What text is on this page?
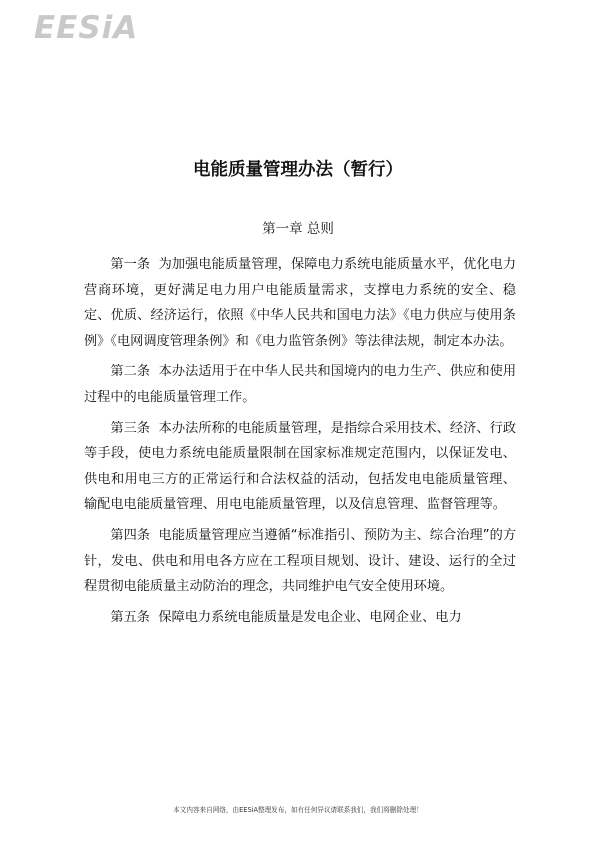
EESiA
电能质量管理办法（暂行）
第一章 总则

第一条 为加强电能质量管理，保障电力系统电能质量水平，优化电力营商环境，更好满足电力用户电能质量需求，支撑电力系统的安全、稳定、优质、经济运行，依照《中华人民共和国电力法》《电力供应与使用条例》《电网调度管理条例》和《电力监管条例》等法律法规，制定本办法。

第二条 本办法适用于在中华人民共和国境内的电力生产、供应和使用过程中的电能质量管理工作。

第三条 本办法所称的电能质量管理，是指综合采用技术、经济、行政等手段，使电力系统电能质量限制在国家标准规定范围内，以保证发电、供电和用电三方的正常运行和合法权益的活动，包括发电电能质量管理、输配电电能质量管理、用电电能质量管理，以及信息管理、监督管理等。

第四条 电能质量管理应当遵循“标准指引、预防为主、综合治理”的方针，发电、供电和用电各方应在工程项目规划、设计、建设、运行的全过程贯彻电能质量主动防治的理念，共同维护电气安全使用环境。

第五条 保障电力系统电能质量是发电企业、电网企业、电力

本文内容来自网络，由EESiA整理发布，如有任何异议请联系我们，我们将删除处理！
